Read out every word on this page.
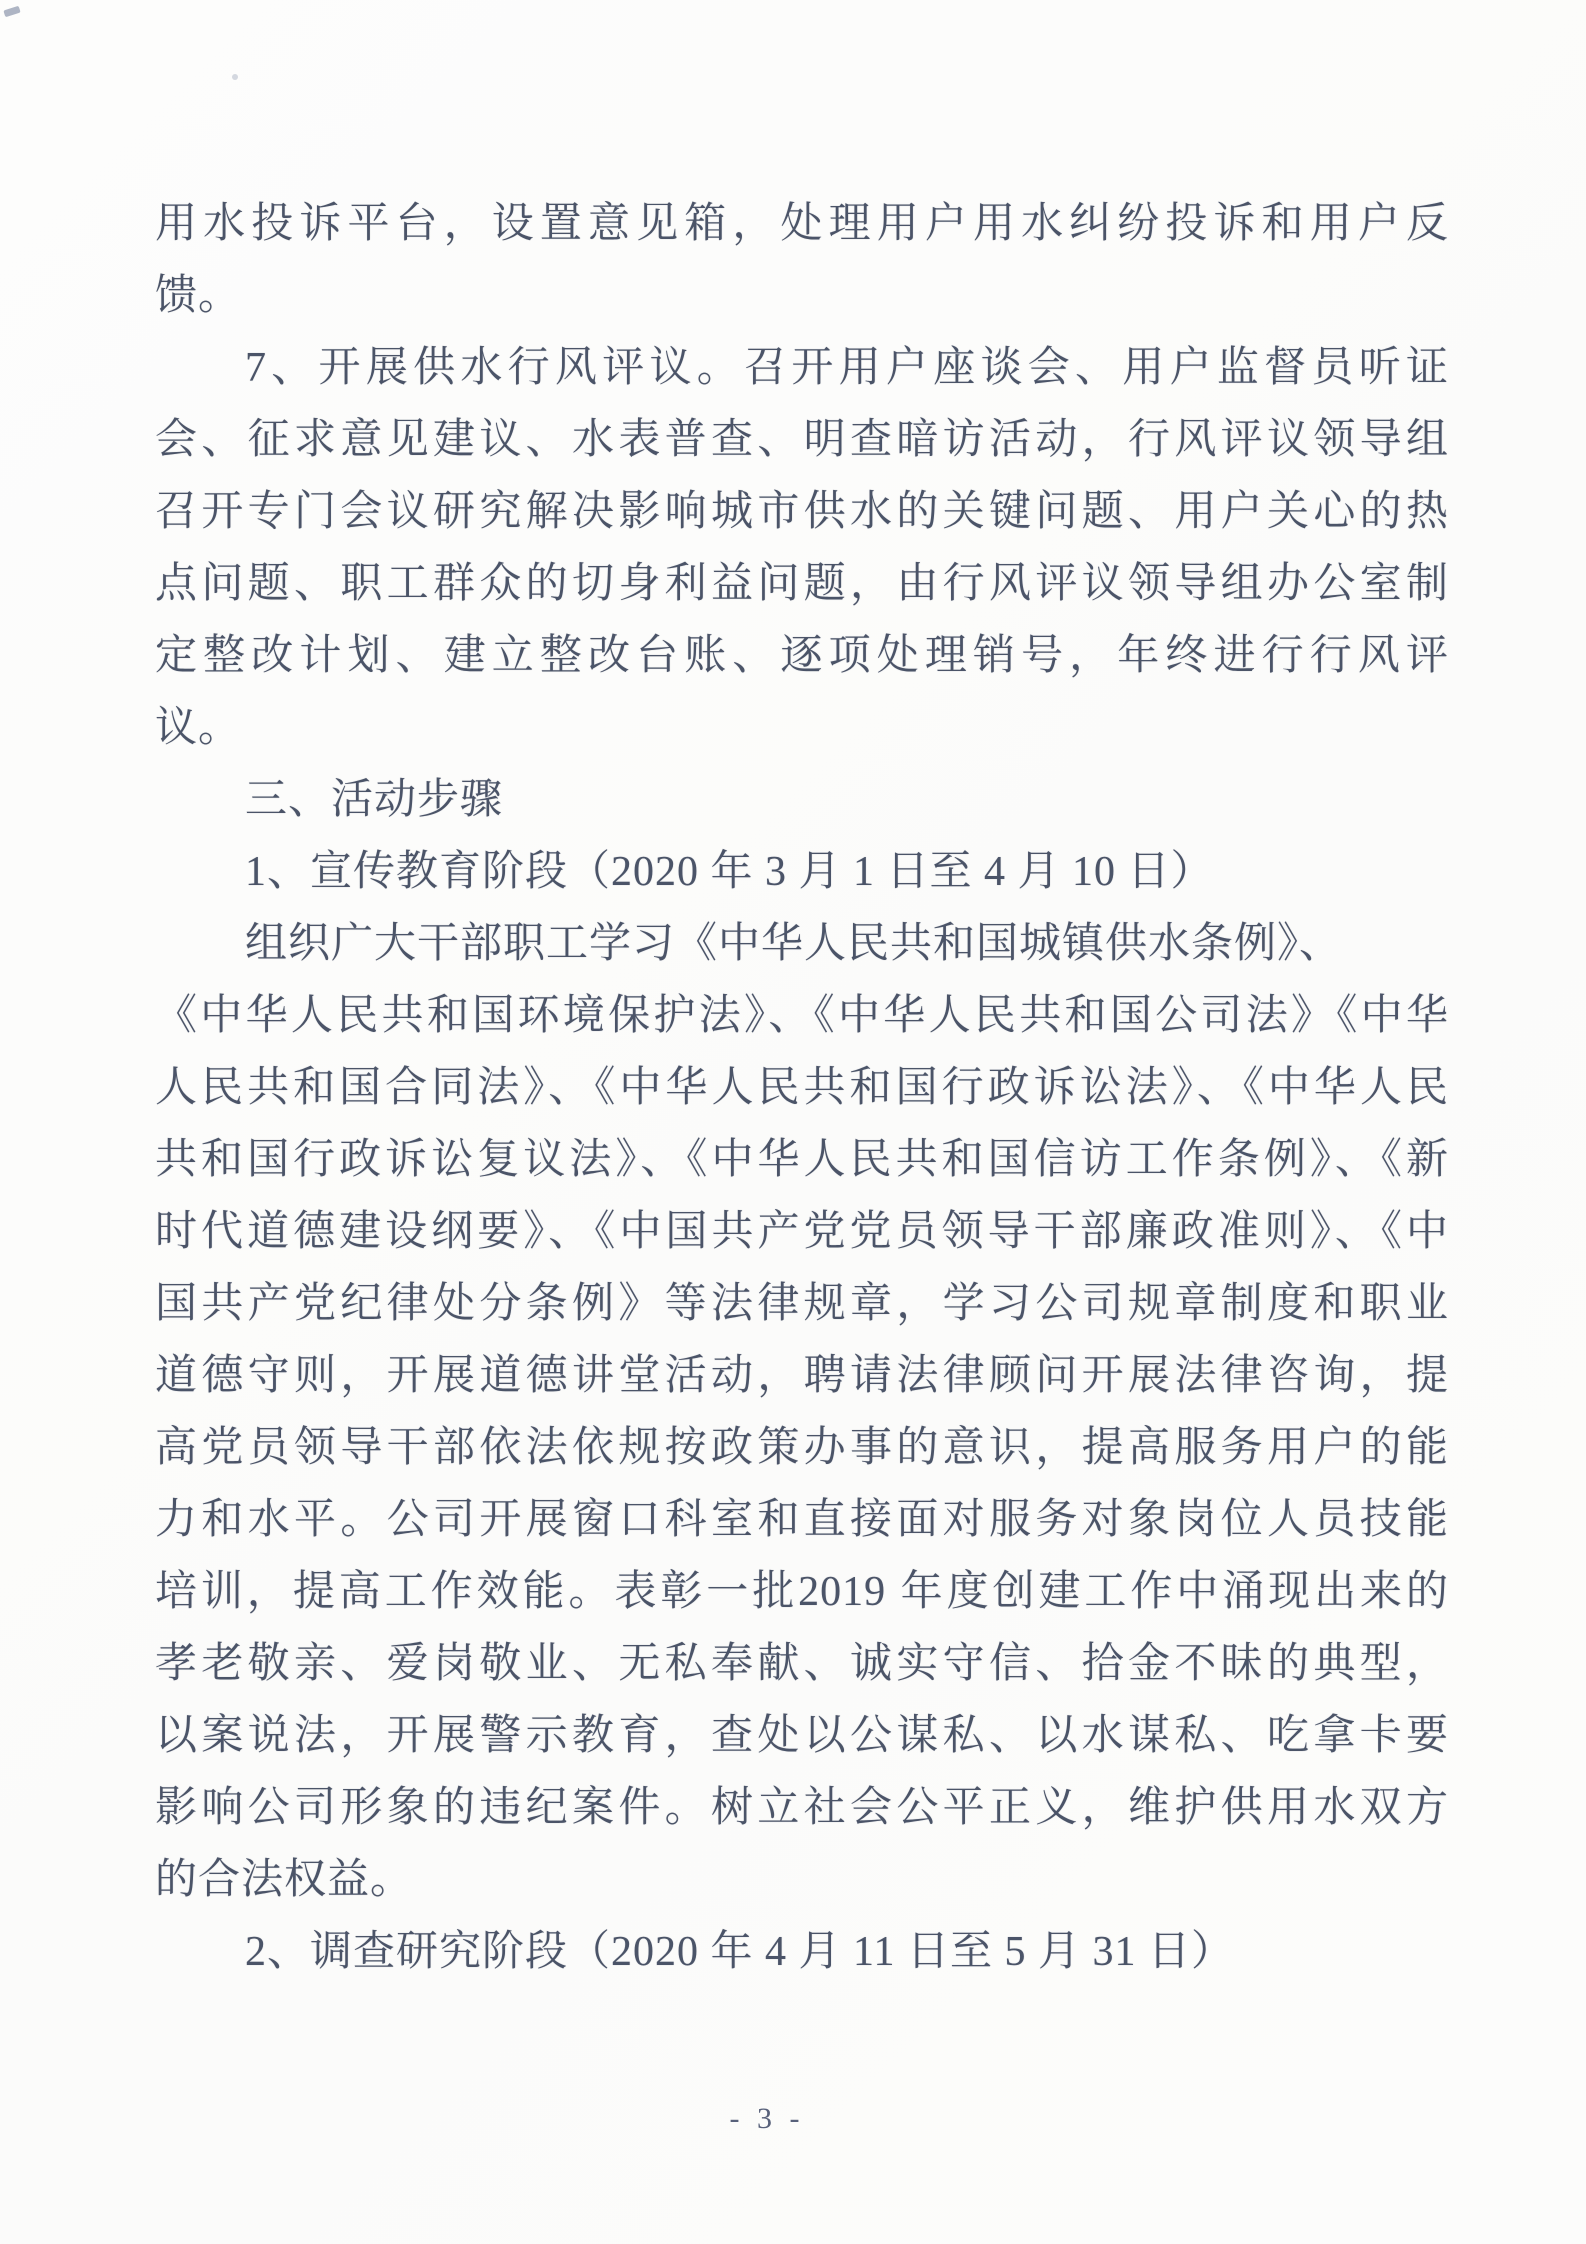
用水投诉平台，设置意见箱，处理用户用水纠纷投诉和用户反
馈。
7、开展供水行风评议。召开用户座谈会、用户监督员听证
会、征求意见建议、水表普查、明查暗访活动，行风评议领导组
召开专门会议研究解决影响城市供水的关键问题、用户关心的热
点问题、职工群众的切身利益问题，由行风评议领导组办公室制
定整改计划、建立整改台账、逐项处理销号，年终进行行风评
议。
三、活动步骤
1、宣传教育阶段（2020 年 3 月 1 日至 4 月 10 日）
组织广大干部职工学习《中华人民共和国城镇供水条例》、
《中华人民共和国环境保护法》、《中华人民共和国公司法》《中华
人民共和国合同法》、《中华人民共和国行政诉讼法》、《中华人民
共和国行政诉讼复议法》、《中华人民共和国信访工作条例》、《新
时代道德建设纲要》、《中国共产党党员领导干部廉政准则》、《中
国共产党纪律处分条例》等法律规章，学习公司规章制度和职业
道德守则，开展道德讲堂活动，聘请法律顾问开展法律咨询，提
高党员领导干部依法依规按政策办事的意识，提高服务用户的能
力和水平。公司开展窗口科室和直接面对服务对象岗位人员技能
培训，提高工作效能。表彰一批2019 年度创建工作中涌现出来的
孝老敬亲、爱岗敬业、无私奉献、诚实守信、拾金不昧的典型，
以案说法，开展警示教育，查处以公谋私、以水谋私、吃拿卡要
影响公司形象的违纪案件。树立社会公平正义，维护供用水双方
的合法权益。
2、调查研究阶段（2020 年 4 月 11 日至 5 月 31 日）
- 3 -
